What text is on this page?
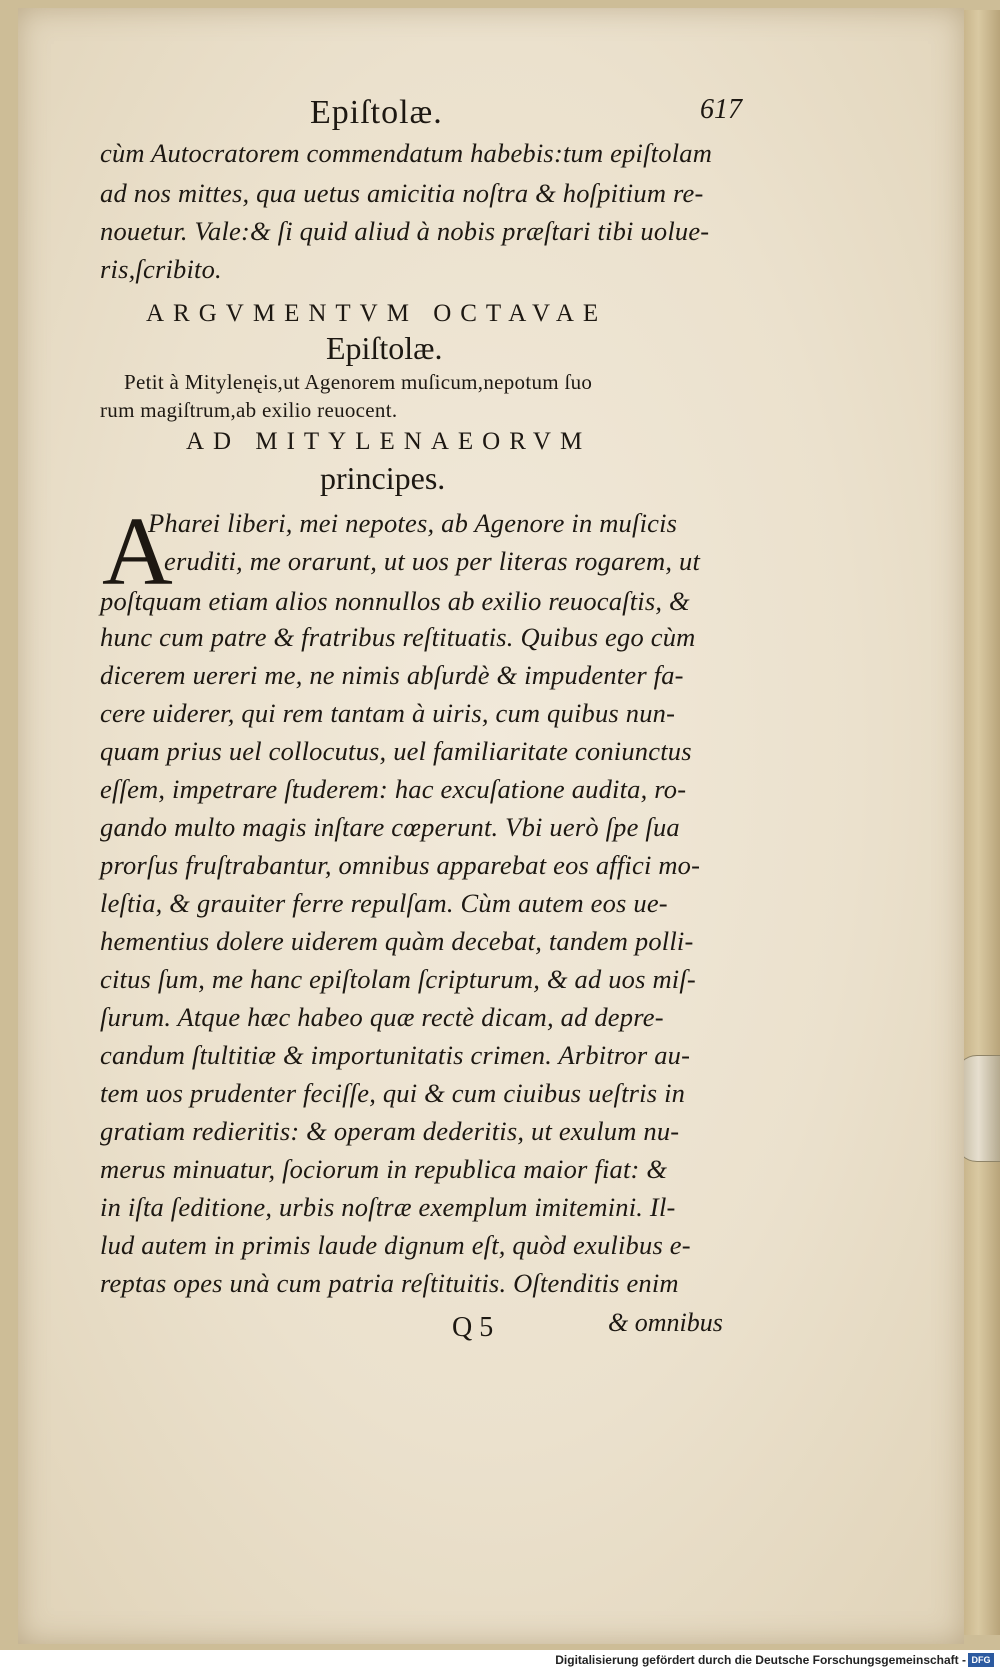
Epiſtolæ.	617
cùm Autocratorem commendatum habebis:tum epiſtolam
ad nos mittes, qua uetus amicitia noſtra & hoſpitium re-
nouetur. Vale:& ſi quid aliud à nobis præſtari tibi uolue-
ris,ſcribito.
ARGVMENTVM OCTAVAE
Epiſtolæ.
Petit à Mitylenęis,ut Agenorem muſicum,nepotum ſuo
rum magiſtrum,ab exilio reuocent.
AD MITYLENAEORVM
principes.
A
Pharei liberi, mei nepotes, ab Agenore in muſicis
eruditi, me orarunt, ut uos per literas rogarem, ut
poſtquam etiam alios nonnullos ab exilio reuocaſtis, &
hunc cum patre & fratribus reſtituatis. Quibus ego cùm
dicerem uereri me, ne nimis abſurdè & impudenter fa-
cere uiderer, qui rem tantam à uiris, cum quibus nun-
quam prius uel collocutus, uel familiaritate coniunctus
eſſem, impetrare ſtuderem: hac excuſatione audita, ro-
gando multo magis inſtare cœperunt. Vbi uerò ſpe ſua
prorſus fruſtrabantur, omnibus apparebat eos affici mo-
leſtia, & grauiter ferre repulſam. Cùm autem eos ue-
hementius dolere uiderem quàm decebat, tandem polli-
citus ſum, me hanc epiſtolam ſcripturum, & ad uos miſ-
ſurum. Atque hæc habeo quæ rectè dicam, ad depre-
candum ſtultitiæ & importunitatis crimen. Arbitror au-
tem uos prudenter feciſſe, qui & cum ciuibus ueſtris in
gratiam redieritis: & operam dederitis, ut exulum nu-
merus minuatur, ſociorum in republica maior fiat: &
in iſta ſeditione, urbis noſtræ exemplum imitemini. Il-
lud autem in primis laude dignum eſt, quòd exulibus e-
reptas opes unà cum patria reſtituitis. Oſtenditis enim
Q 5	& omnibus
Digitalisierung gefördert durch die Deutsche Forschungsgemeinschaft - DFG
